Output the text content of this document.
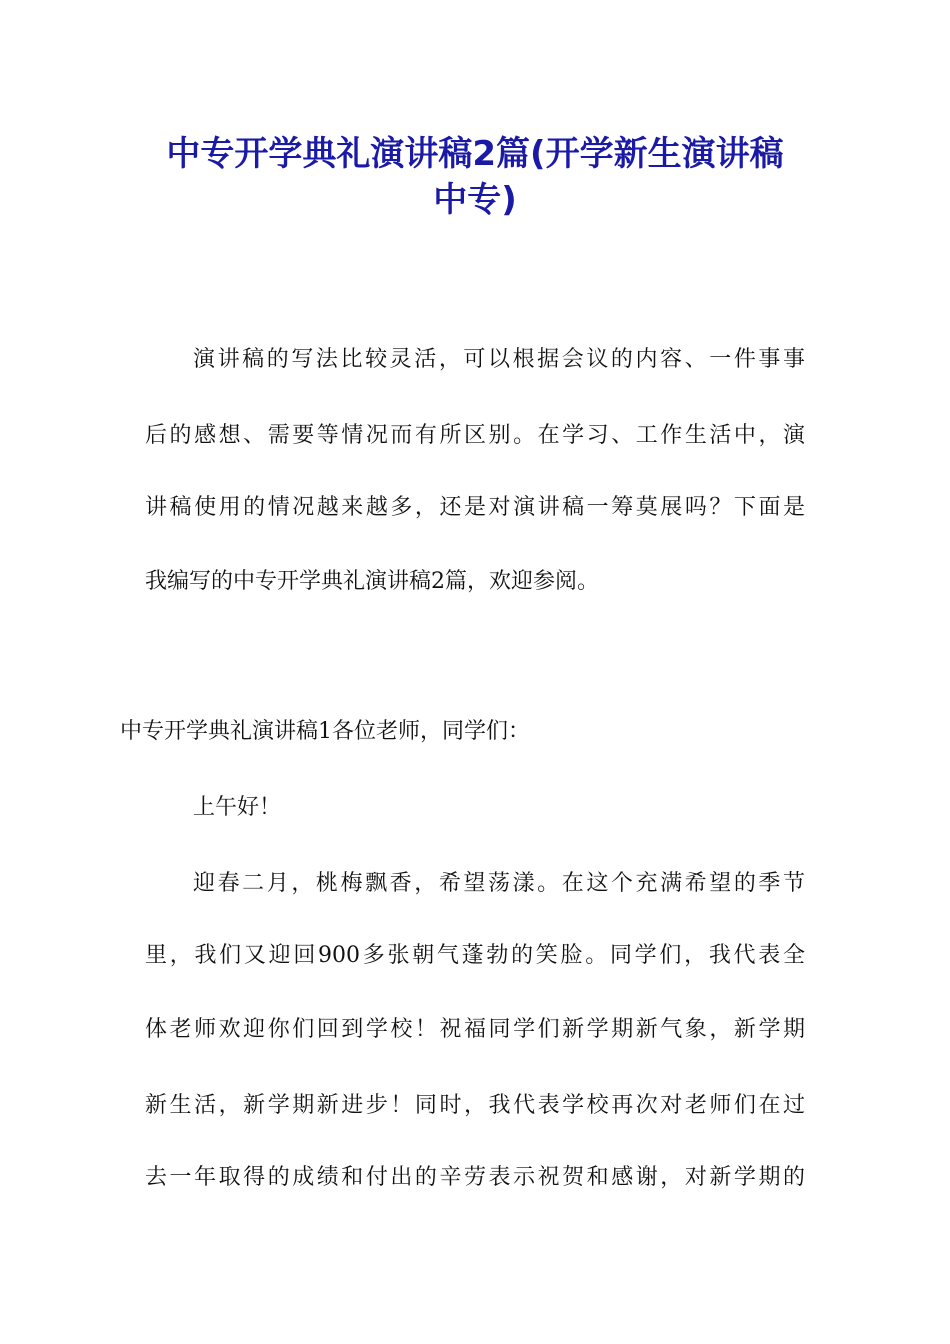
中专开学典礼演讲稿2篇(开学新生演讲稿
中专)
演讲稿的写法比较灵活，可以根据会议的内容、一件事事
后的感想、需要等情况而有所区别。在学习、工作生活中，演
讲稿使用的情况越来越多，还是对演讲稿一筹莫展吗？下面是
我编写的中专开学典礼演讲稿2篇，欢迎参阅。
中专开学典礼演讲稿1各位老师，同学们：
上午好！
迎春二月，桃梅飘香，希望荡漾。在这个充满希望的季节
里，我们又迎回900多张朝气蓬勃的笑脸。同学们，我代表全
体老师欢迎你们回到学校！祝福同学们新学期新气象，新学期
新生活，新学期新进步！同时，我代表学校再次对老师们在过
去一年取得的成绩和付出的辛劳表示祝贺和感谢，对新学期的
